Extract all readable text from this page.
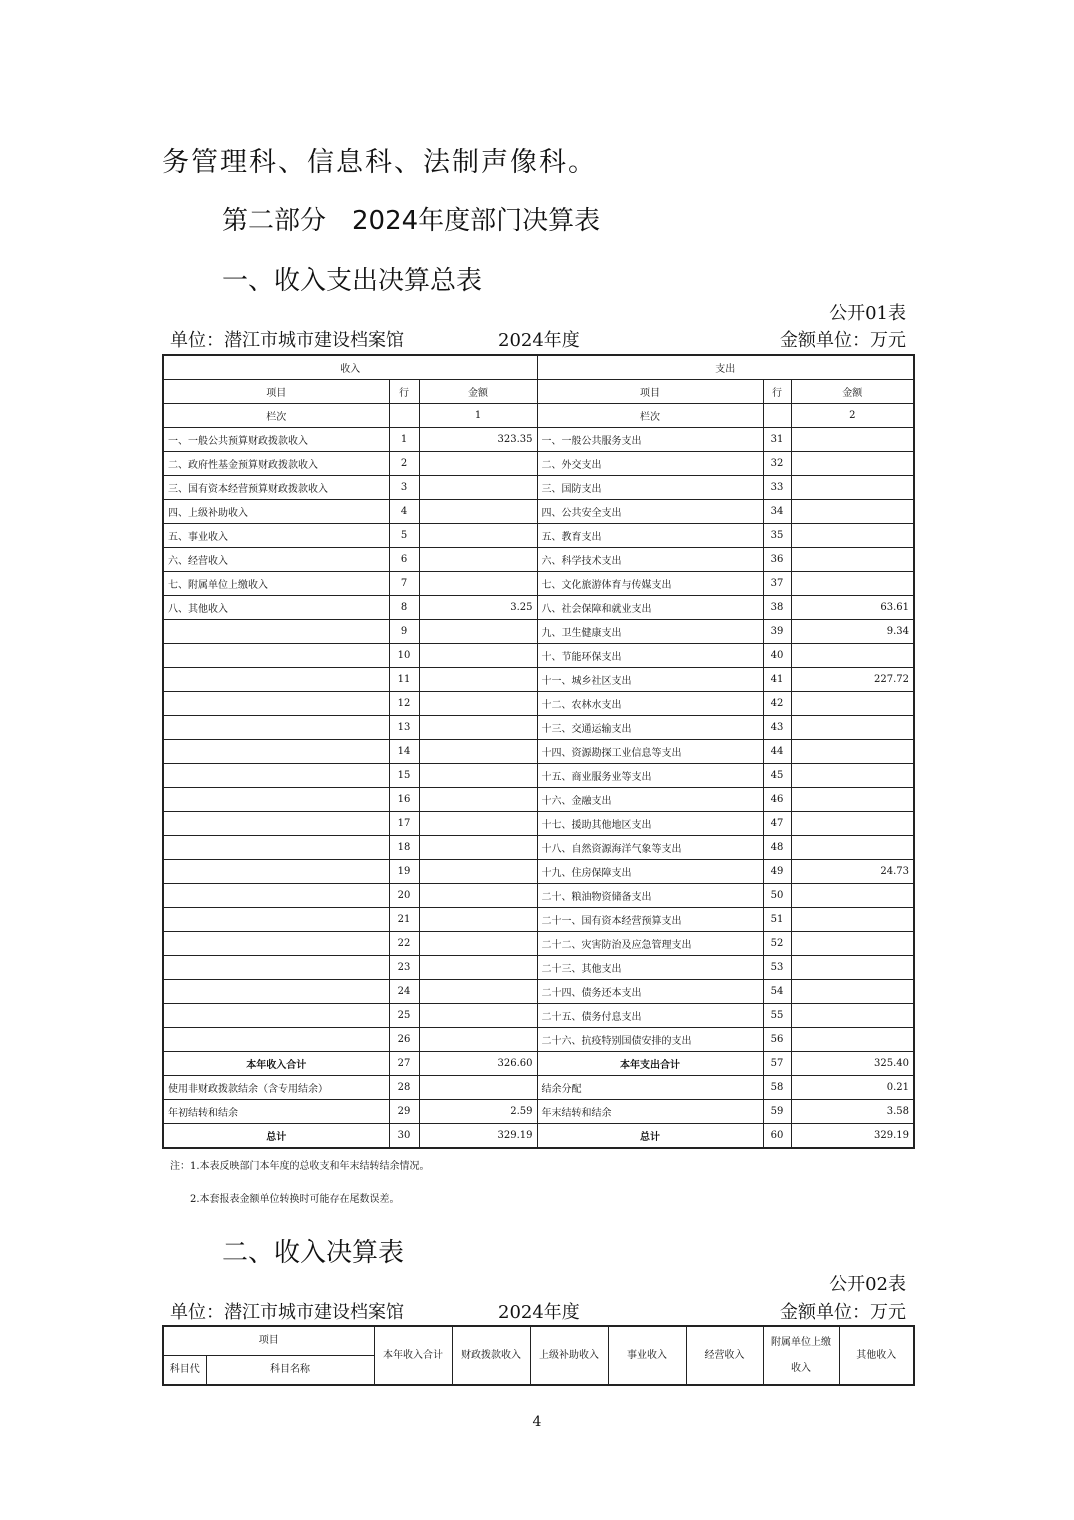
务管理科、信息科、法制声像科。
第二部分　2024年度部门决算表
一、收入支出决算总表
公开01表
单位：潜江市城市建设档案馆	2024年度	金额单位：万元
收入			支出		
项目	行	金额	项目	行	金额
栏次		1	栏次		2
一、一般公共预算财政拨款收入	1	323.35	一、一般公共服务支出	31	
二、政府性基金预算财政拨款收入	2		二、外交支出	32	
三、国有资本经营预算财政拨款收入	3		三、国防支出	33	
四、上级补助收入	4		四、公共安全支出	34	
五、事业收入	5		五、教育支出	35	
六、经营收入	6		六、科学技术支出	36	
七、附属单位上缴收入	7		七、文化旅游体育与传媒支出	37	
八、其他收入	8	3.25	八、社会保障和就业支出	38	63.61
	9		九、卫生健康支出	39	9.34
	10		十、节能环保支出	40	
	11		十一、城乡社区支出	41	227.72
	12		十二、农林水支出	42	
	13		十三、交通运输支出	43	
	14		十四、资源勘探工业信息等支出	44	
	15		十五、商业服务业等支出	45	
	16		十六、金融支出	46	
	17		十七、援助其他地区支出	47	
	18		十八、自然资源海洋气象等支出	48	
	19		十九、住房保障支出	49	24.73
	20		二十、粮油物资储备支出	50	
	21		二十一、国有资本经营预算支出	51	
	22		二十二、灾害防治及应急管理支出	52	
	23		二十三、其他支出	53	
	24		二十四、债务还本支出	54	
	25		二十五、债务付息支出	55	
	26		二十六、抗疫特别国债安排的支出	56	
本年收入合计	27	326.60	本年支出合计	57	325.40
使用非财政拨款结余（含专用结余）	28		结余分配	58	0.21
年初结转和结余	29	2.59	年末结转和结余	59	3.58
总计	30	329.19	总计	60	329.19
注：1.本表反映部门本年度的总收支和年末结转结余情况。
2.本套报表金额单位转换时可能存在尾数误差。
二、收入决算表
公开02表
单位：潜江市城市建设档案馆	2024年度	金额单位：万元
项目		本年收入合计	财政拨款收入	上级补助收入	事业收入	经营收入	附属单位上缴收入	其他收入
科目代	科目名称							
4
